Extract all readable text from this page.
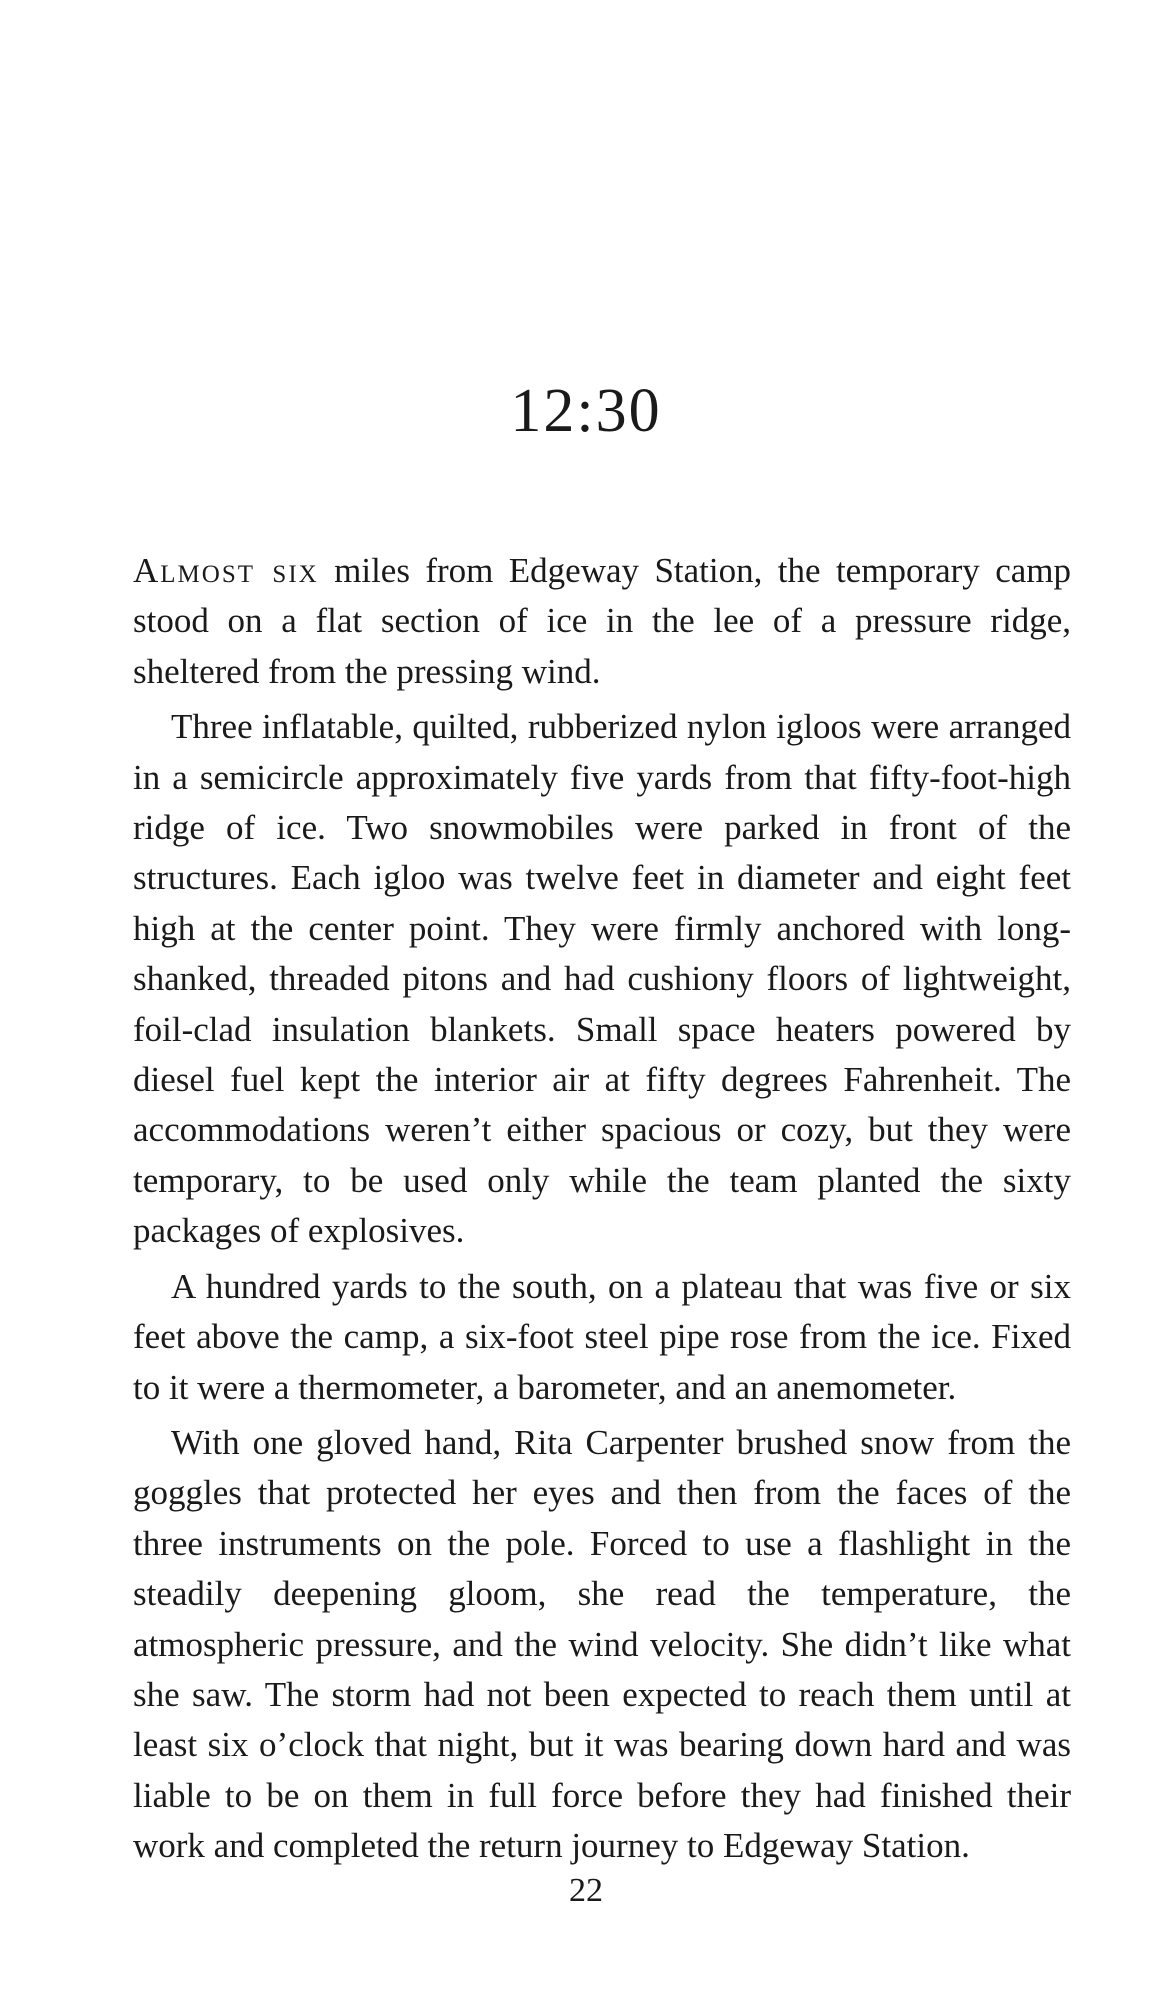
12:30

Almost six miles from Edgeway Station, the temporary camp stood on a flat section of ice in the lee of a pressure ridge, sheltered from the pressing wind.

Three inflatable, quilted, rubberized nylon igloos were arranged in a semicircle approximately five yards from that fifty-foot-high ridge of ice. Two snowmobiles were parked in front of the structures. Each igloo was twelve feet in diameter and eight feet high at the center point. They were firmly anchored with long-shanked, threaded pitons and had cushiony floors of lightweight, foil-clad insulation blankets. Small space heaters powered by diesel fuel kept the interior air at fifty degrees Fahrenheit. The accommodations weren’t either spacious or cozy, but they were temporary, to be used only while the team planted the sixty packages of explosives.

A hundred yards to the south, on a plateau that was five or six feet above the camp, a six-foot steel pipe rose from the ice. Fixed to it were a thermometer, a barometer, and an anemometer.

With one gloved hand, Rita Carpenter brushed snow from the goggles that protected her eyes and then from the faces of the three instruments on the pole. Forced to use a flashlight in the steadily deepening gloom, she read the temperature, the atmospheric pressure, and the wind velocity. She didn’t like what she saw. The storm had not been expected to reach them until at least six o’clock that night, but it was bearing down hard and was liable to be on them in full force before they had finished their work and completed the return journey to Edgeway Station.

22
